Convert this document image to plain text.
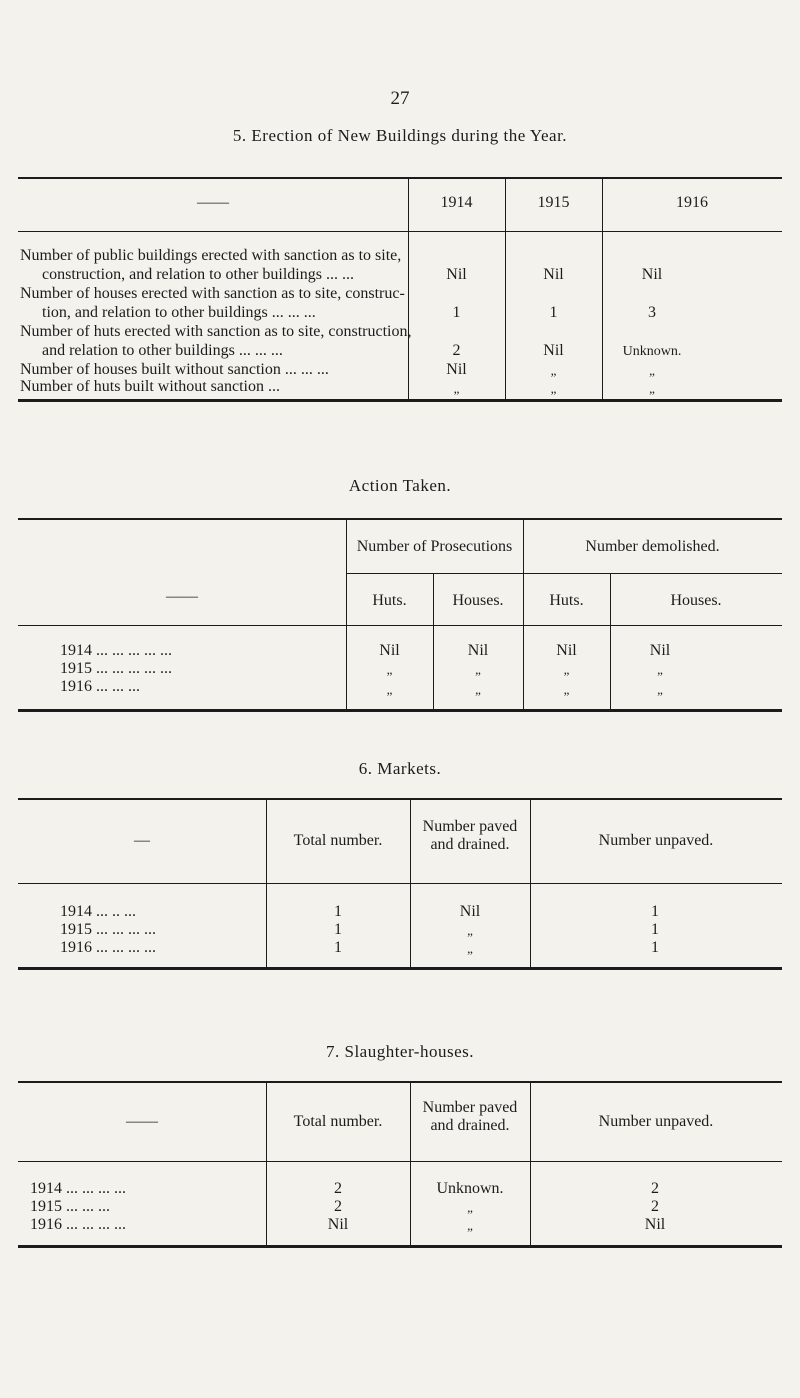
27
5. Erection of New Buildings during the Year.
——	1914	1915	1916
Number of public buildings erected with sanction as to site,
construction, and relation to other buildings ... ...	Nil	Nil	Nil
Number of houses erected with sanction as to site, construc-
tion, and relation to other buildings ... ... ...	1	1	3
Number of huts erected with sanction as to site, construction,
and relation to other buildings ... ... ...	2	Nil	Unknown.
Number of houses built without sanction ... ... ...	Nil	„	„
Number of huts built without sanction ...	„	„	„
Action Taken.
——
Number of Prosecutions	Number demolished.
Huts.	Houses.	Huts.	Houses.
1914 ... ... ... ... ...	Nil	Nil	Nil	Nil
1915 ... ... ... ... ...	„	„	„	„
1916 ... ... ...	„	„	„	„
6. Markets.
—	Total number.
Number paved
and drained.	Number unpaved.
1914 ... .. ...	1	Nil	1
1915 ... ... ... ...	1	„	1
1916 ... ... ... ...	1	„	1
7. Slaughter-houses.
——	Total number.
Number paved
and drained.	Number unpaved.
1914 ... ... ... ...	2	Unknown.	2
1915 ... ... ...	2	„	2
1916 ... ... ... ...	Nil	„	Nil
